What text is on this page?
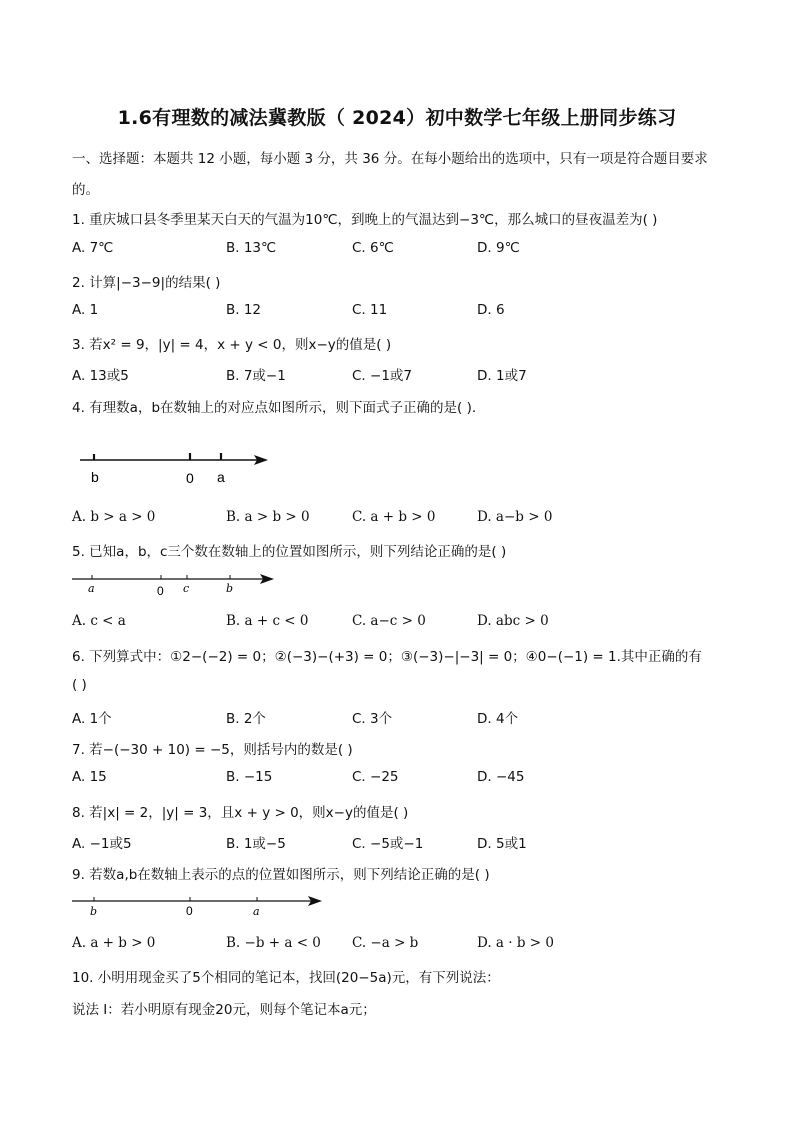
1.6有理数的减法冀教版（ 2024）初中数学七年级上册同步练习
一、选择题：本题共 12 小题，每小题 3 分，共 36 分。在每小题给出的选项中，只有一项是符合题目要求
的。
1. 重庆城口县冬季里某天白天的气温为10℃，到晚上的气温达到−3℃，那么城口的昼夜温差为( )
A. 7℃	B. 13℃	C. 6℃	D. 9℃
2. 计算|−3−9|的结果( )
A. 1	B. 12	C. 11	D. 6
3. 若x² = 9，|y| = 4，x + y < 0，则x−y的值是( )
A. 13或5	B. 7或−1	C. −1或7	D. 1或7
4. 有理数a，b在数轴上的对应点如图所示，则下面式子正确的是( ).
b	0 a
A. b > a > 0	B. a > b > 0	C. a + b > 0	D. a−b > 0
5. 已知a，b，c三个数在数轴上的位置如图所示，则下列结论正确的是( )
a	0 c	b
A. c < a	B. a + c < 0	C. a−c > 0	D. abc > 0
6. 下列算式中：①2−(−2) = 0；②(−3)−(+3) = 0；③(−3)−|−3| = 0；④0−(−1) = 1.其中正确的有
( )
A. 1个	B. 2个	C. 3个	D. 4个
7. 若−(−30 + 10) = −5，则括号内的数是( )
A. 15	B. −15	C. −25	D. −45
8. 若|x| = 2，|y| = 3，且x + y > 0，则x−y的值是( )
A. −1或5	B. 1或−5	C. −5或−1	D. 5或1
9. 若数a,b在数轴上表示的点的位置如图所示，则下列结论正确的是( )
b	0	a
A. a + b > 0	B. −b + a < 0 C. −a > b	D. a · b > 0
10. 小明用现金买了5个相同的笔记本，找回(20−5a)元，有下列说法：
说法 Ⅰ：若小明原有现金20元，则每个笔记本a元；
